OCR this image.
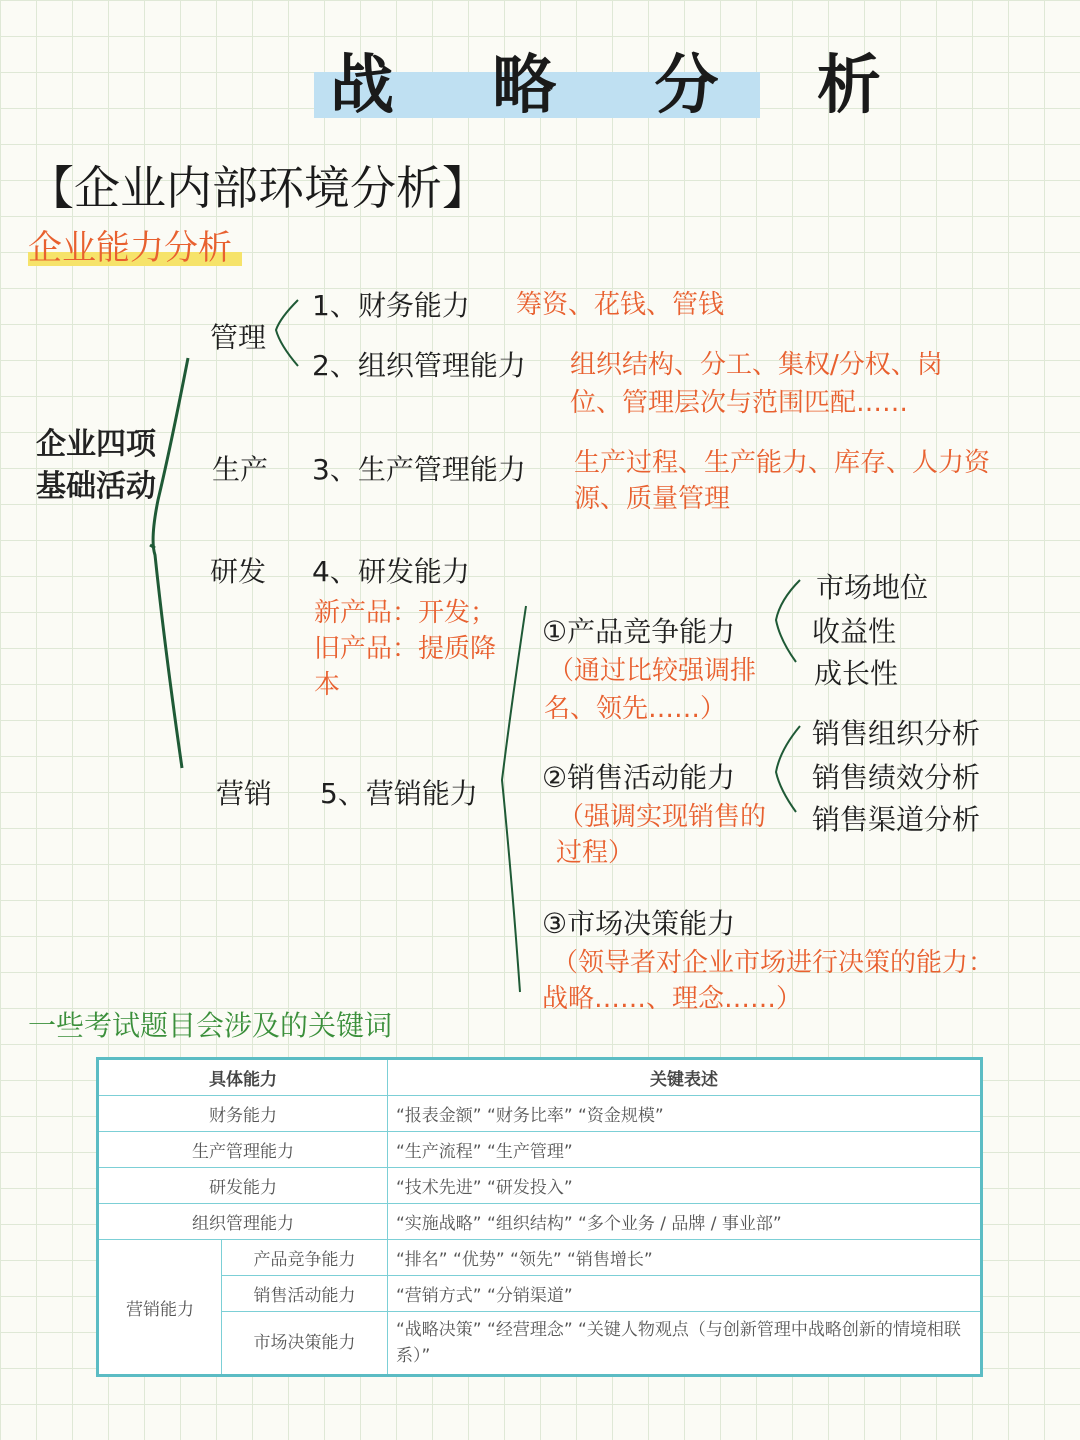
战 略 分 析
【企业内部环境分析】
企业能力分析
企业四项基础活动
管理
生产
研发
营销
1、财务能力 筹资、花钱、管钱
2、组织管理能力 组织结构、分工、集权/分权、岗
位、管理层次与范围匹配……
3、生产管理能力 生产过程、生产能力、库存、人力资
源、质量管理
4、研发能力
新产品：开发；
旧产品：提质降
本
5、营销能力
①产品竞争能力
（通过比较强调排
名、领先……）
市场地位
收益性
成长性
②销售活动能力
（强调实现销售的
过程）
销售组织分析
销售绩效分析
销售渠道分析
③市场决策能力
（领导者对企业市场进行决策的能力：
战略……、理念……）
一些考试题目会涉及的关键词
具体能力		关键表述
财务能力		“报表金额” “财务比率” “资金规模”
生产管理能力		“生产流程” “生产管理”
研发能力		“技术先进” “研发投入”
组织管理能力		“实施战略” “组织结构” “多个业务 / 品牌 / 事业部”
营销能力	产品竞争能力	“排名” “优势” “领先” “销售增长”
	销售活动能力	“营销方式” “分销渠道”
	市场决策能力	“战略决策” “经营理念” “关键人物观点（与创新管理中战略创新的情境相联系）”
